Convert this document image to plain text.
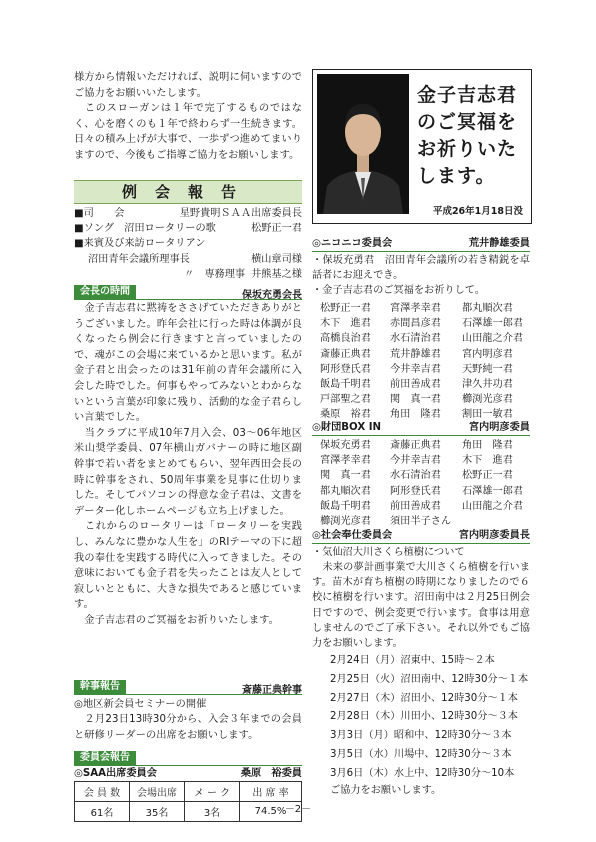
様方から情報いただければ、説明に伺いますのでご協力をお願いいたします。

　このスローガンは１年で完了するものではなく、心を磨くのも１年で終わらず一生続きます。日々の積み上げが大事で、一歩ずつ進めてまいりますので、今後もご指導ご協力をお願いします。

例会報告
■司　　会	星野貴明ＳＡＡ出席委員長
■ソング　沼田ロータリーの歌	松野正一君
■来賓及び来訪ロータリアン
沼田青年会議所理事長	横山章司様
〃　専務理事 井熊基之様
会長の時間	保坂充勇会長

　金子吉志君に黙祷をささげていただきありがとうございました。昨年会社に行った時は体調が良くなったら例会に行きますと言っていましたので、魂がこの会場に来ているかと思います。私が金子君と出会ったのは31年前の青年会議所に入会した時でした。何事もやってみないとわからないという言葉が印象に残り、活動的な金子君らしい言葉でした。
　当クラブに平成10年7月入会、03～06年地区米山奨学委員、07年横山ガバナーの時に地区副幹事で若い者をまとめてもらい、翌年西田会長の時に幹事をされ、50周年事業を見事に仕切りました。そしてパソコンの得意な金子君は、文書をデーター化しホームページも立ち上げました。
　これからのロータリーは「ロータリーを実践し、みんなに豊かな人生を」のRIテーマの下に超我の奉仕を実践する時代に入ってきました。その意味においても金子君を失ったことは友人として寂しいとともに、大きな損失であると感じています。
　金子吉志君のご冥福をお祈りいたします。

幹事報告	斎藤正典幹事

◎地区新会員セミナーの開催

　２月23日13時30分から、入会３年までの会員と研修リーダーの出席をお願いします。

委員会報告
◎SAA出席委員会	桑原　裕委員
会 員 数	会場出席	メ ー ク	出 席 率
61名	35名	3名	74.5%
金子吉志君
のご冥福を
お祈りいた
します。
平成26年1月18日没
◎ニコニコ委員会	荒井静雄委員

・保坂充勇君　沼田青年会議所の若き精鋭を卓話者にお迎えでき。

・金子吉志君のご冥福をお祈りして。

松野正一君 宮澤孝幸君 都丸順次君
木下　進君 赤間昌彦君 石澤雄一郎君
高橋良治君 水石清治君 山田龍之介君
斎藤正典君 荒井静雄君 宮内明彦君
阿形登氏君 今井幸吉君 天野純一君
飯島千明君 前田善成君 津久井功君
戸部聖之君 関　真一君 櫛渕光彦君
桑原　裕君 角田　隆君 割田一敏君
◎財団BOX IN	宮内明彦委員
保坂充勇君 斎藤正典君 角田　隆君
宮澤孝幸君 今井幸吉君 木下　進君
関　真一君 水石清治君 松野正一君
都丸順次君 阿形登氏君 石澤雄一郎君
飯島千明君 前田善成君 山田龍之介君
櫛渕光彦君 須田半子さん
◎社会奉仕委員会	宮内明彦委員長

・気仙沼大川さくら植樹について

　未来の夢計画事業で大川さくら植樹を行います。苗木が育ち植樹の時期になりましたので６校に植樹を行います。沼田南中は２月25日例会日ですので、例会変更で行います。食事は用意しませんのでご了承下さい。それ以外でもご協力をお願いします。

2月24日（月）沼東中、15時～２本
2月25日（火）沼田南中、12時30分～１本
2月27日（木）沼田小、12時30分～１本
2月28日（木）川田小、12時30分～３本
3月3日（月）昭和中、12時30分～３本
3月5日（水）川場中、12時30分～３本
3月6日（木）水上中、12時30分～10本

ご協力をお願いします。

－2－
